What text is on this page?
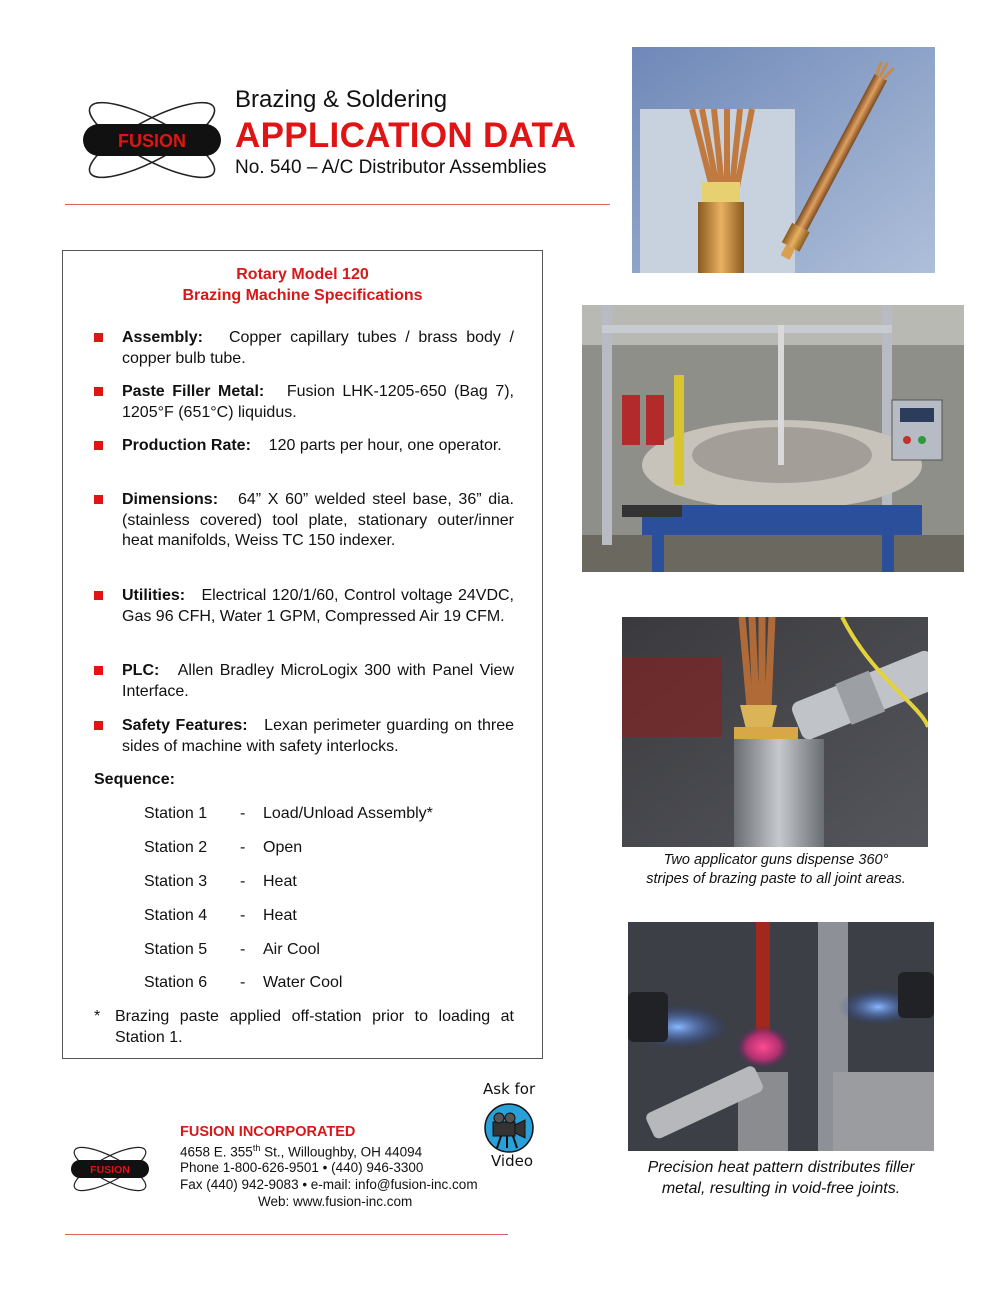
FUSION
Brazing & Soldering
APPLICATION DATA
No. 540 – A/C Distributor Assemblies
Rotary Model 120
Brazing Machine Specifications
Assembly: Copper capillary tubes / brass body / copper bulb tube.
Paste Filler Metal: Fusion LHK-1205-650 (Bag 7), 1205°F (651°C) liquidus.
Production Rate: 120 parts per hour, one operator.
Dimensions: 64” X 60” welded steel base, 36” dia. (stainless covered) tool plate, stationary outer/inner heat manifolds, Weiss TC 150 indexer.
Utilities: Electrical 120/1/60, Control voltage 24VDC, Gas 96 CFH, Water 1 GPM, Compressed Air 19 CFM.
PLC: Allen Bradley MicroLogix 300 with Panel View Interface.
Safety Features: Lexan perimeter guarding on three sides of machine with safety interlocks.
Sequence:
Station 1 - Load/Unload Assembly*
Station 2 - Open
Station 3 - Heat
Station 4 - Heat
Station 5 - Air Cool
Station 6 - Water Cool
* Brazing paste applied off-station prior to loading at Station 1.
Two applicator guns dispense 360°
stripes of brazing paste to all joint areas.
Precision heat pattern distributes filler
metal, resulting in void-free joints.
Ask for
Video
FUSION
FUSION INCORPORATED
4658 E. 355th St., Willoughby, OH 44094
Phone 1-800-626-9501 • (440) 946-3300
Fax (440) 942-9083 • e-mail: info@fusion-inc.com
Web: www.fusion-inc.com
